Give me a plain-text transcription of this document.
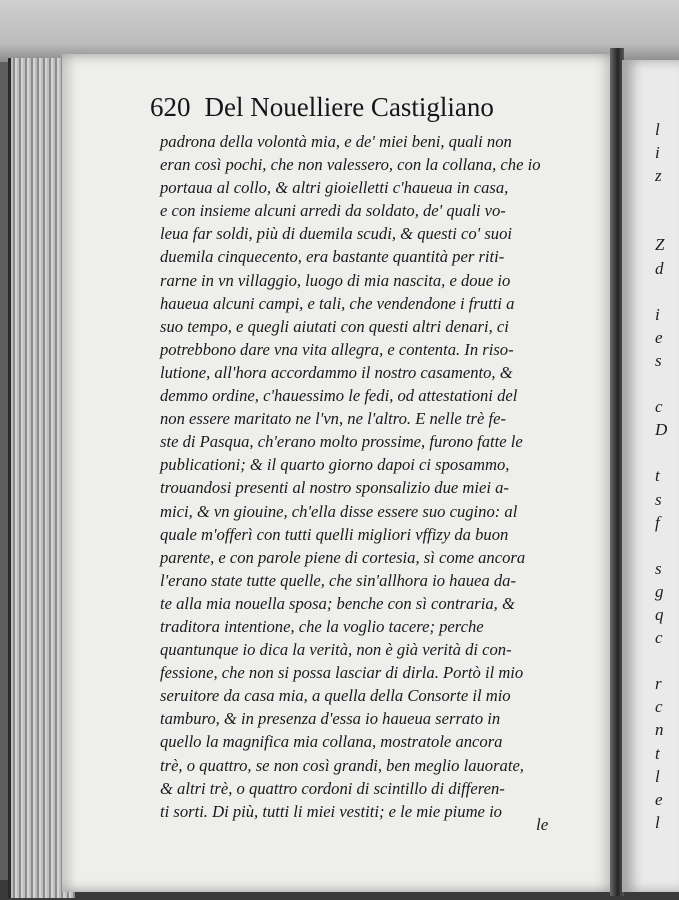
620 Del Nouelliere Castigliano
padrona della volontà mia, e de' miei beni, quali non
eran così pochi, che non valessero, con la collana, che io
portaua al collo, & altri gioielletti c'haueua in casa,
e con insieme alcuni arredi da soldato, de' quali vo-
leua far soldi, più di duemila scudi, & questi co' suoi
duemila cinquecento, era bastante quantità per riti-
rarne in vn villaggio, luogo di mia nascita, e doue io
haueua alcuni campi, e tali, che vendendone i frutti a
suo tempo, e quegli aiutati con questi altri denari, ci
potrebbono dare vna vita allegra, e contenta. In riso-
lutione, all'hora accordammo il nostro casamento, &
demmo ordine, c'hauessimo le fedi, od attestationi del
non essere maritato ne l'vn, ne l'altro. E nelle trè fe-
ste di Pasqua, ch'erano molto prossime, furono fatte le
publicationi; & il quarto giorno dapoi ci sposammo,
trouandosi presenti al nostro sponsalizio due miei a-
mici, & vn giouine, ch'ella disse essere suo cugino: al
quale m'offerì con tutti quelli migliori vffizy da buon
parente, e con parole piene di cortesia, sì come ancora
l'erano state tutte quelle, che sin'allhora io hauea da-
te alla mia nouella sposa; benche con sì contraria, &
traditora intentione, che la voglio tacere; perche
quantunque io dica la verità, non è già verità di con-
fessione, che non si possa lasciar di dirla. Portò il mio
seruitore da casa mia, a quella della Consorte il mio
tamburo, & in presenza d'essa io haueua serrato in
quello la magnifica mia collana, mostratole ancora
trè, o quattro, se non così grandi, ben meglio lauorate,
& altri trè, o quattro cordoni di scintillo di differen-
ti sorti. Di più, tutti li miei vestiti; e le mie piume io
le
l
i
z
Z
d
i
e
s
c
D
t
s
f
s
g
q
c
r
c
n
t
l
e
l
